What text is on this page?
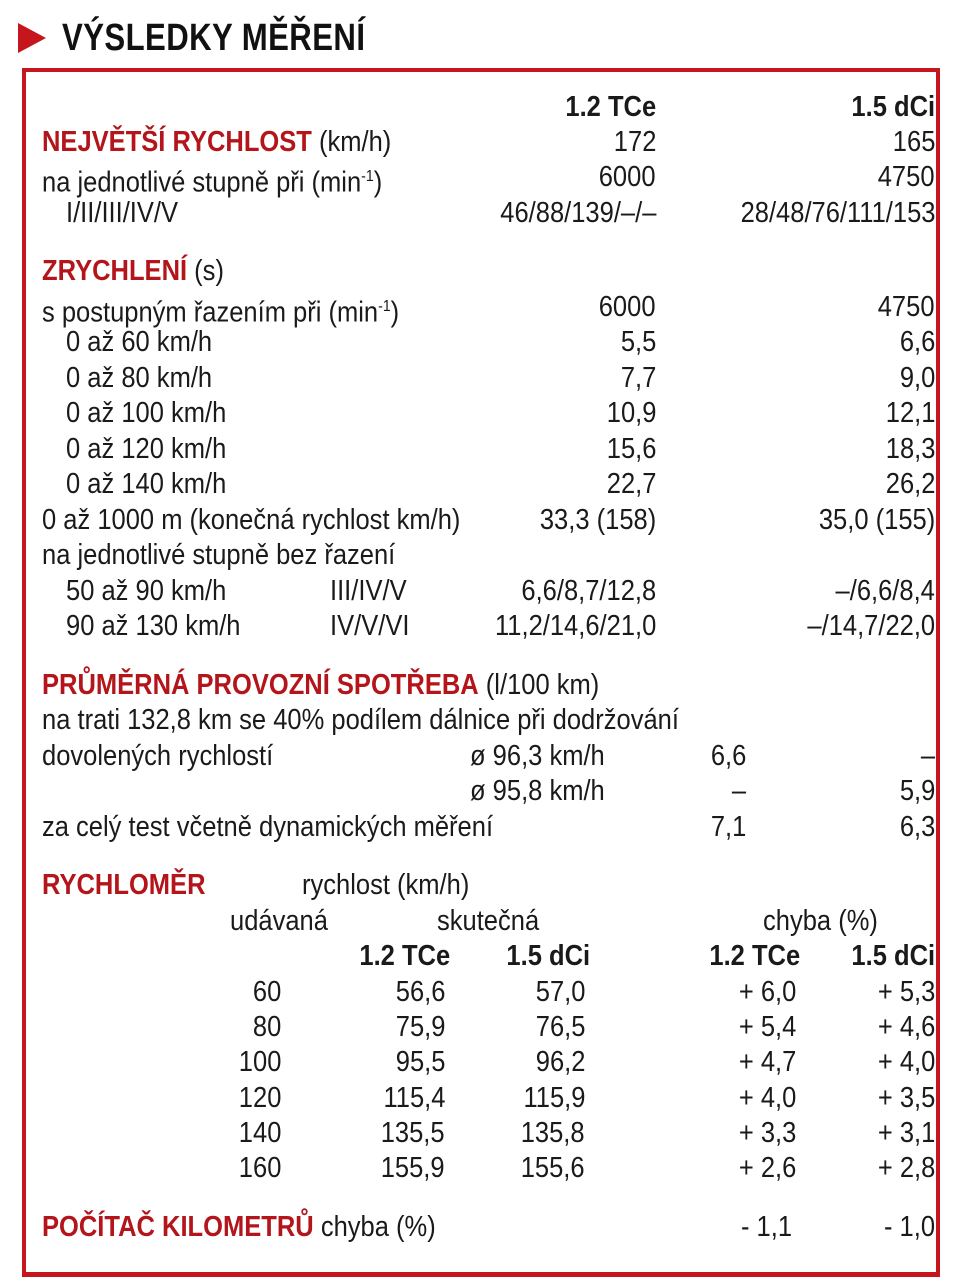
VÝSLEDKY MĚŘENÍ
1.2 TCe	1.5 dCi
NEJVĚTŠÍ RYCHLOST (km/h)	172	165
na jednotlivé stupně při $(\min^{-1})$	6000	4750
I/II/III/IV/V	46/88/139/–/–	28/48/76/111/153
ZRYCHLENÍ (s)
s postupným řazením při $(\min^{-1})$	6000	4750
0 až 60 km/h	5,5	6,6
0 až 80 km/h	7,7	9,0
0 až 100 km/h	10,9	12,1
0 až 120 km/h	15,6	18,3
0 až 140 km/h	22,7	26,2
0 až 1000 m (konečná rychlost km/h)	33,3 (158)	35,0 (155)
na jednotlivé stupně bez řazení
50 až 90 km/h	III/IV/V	6,6/8,7/12,8	–/6,6/8,4
90 až 130 km/h	IV/V/VI	11,2/14,6/21,0	–/14,7/22,0
PRŮMĚRNÁ PROVOZNÍ SPOTŘEBA (l/100 km)
na trati 132,8 km se 40% podílem dálnice při dodržování
dovolených rychlostí	ø 96,3 km/h	6,6	–
ø 95,8 km/h	–	5,9
za celý test včetně dynamických měření	7,1	6,3
RYCHLOMĚR	rychlost (km/h)
udávaná	skutečná	chyba (%)
1.2 TCe 1.5 dCi	1.2 TCe 1.5 dCi
60	56,6	57,0	+ 6,0	+ 5,3
80	75,9	76,5	+ 5,4	+ 4,6
100	95,5	96,2	+ 4,7	+ 4,0
120	115,4	115,9	+ 4,0	+ 3,5
140	135,5	135,8	+ 3,3	+ 3,1
160	155,9	155,6	+ 2,6	+ 2,8
POČÍTAČ KILOMETRŮ chyba (%)	- 1,1	- 1,0
